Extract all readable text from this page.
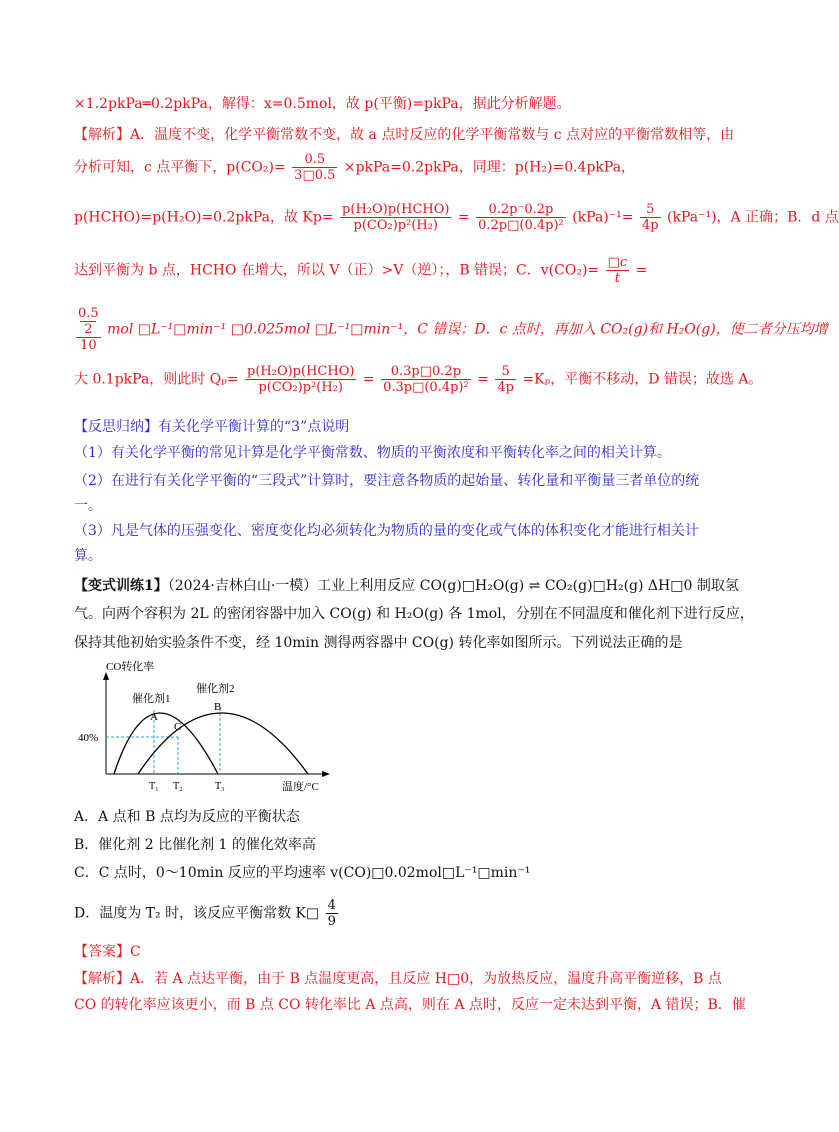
×1.2pkPa═0.2pkPa，解得：x=0.5mol，故 p(平衡)=pkPa，据此分析解题。
【解析】A．温度不变，化学平衡常数不变，故 a 点时反应的化学平衡常数与 c 点对应的平衡常数相等，由
分析可知，c 点平衡下，$p(CO_2)= \frac{0.5}{3□0.5}$ ×pkPa=0.2pkPa，同理：p(H₂)=0.4pkPa，
p(HCHO)=p(H₂O)=0.2pkPa，故 $Kp= \frac{\text{p(H₂O)p(HCHO)}}{\text{p(CO₂)p²(H₂)}} = \frac{0.2p^-0.2p}{\text{0.2p□(0.4p)²}} (kPa)^{-1}= \frac{5}{4p} (kPa^{-1})$，A 正确；B．d 点
达到平衡为 b 点，HCHO 在增大，所以 V（正）>V（逆）；，B 错误；C．$v(CO_2)= \frac{□c}{t}$ =
0.5
2
10
mol □L⁻¹□min⁻¹ □0.025mol □L⁻¹□min⁻¹，C 错误；D．c 点时，再加入 CO₂(g)和 H₂O(g)，使二者分压均增
大 0.1pkPa，则此时 $Q_p= \frac{\text{p(H₂O)p(HCHO)}}{\text{p(CO₂)p²(H₂)}} = \frac{0.3p□0.2p}{\text{0.3p□(0.4p)²}} = \frac{5}{4p} =K_p$，平衡不移动，D 错误；故选 A。
【反思归纳】有关化学平衡计算的“3”点说明
（1）有关化学平衡的常见计算是化学平衡常数、物质的平衡浓度和平衡转化率之间的相关计算。
（2）在进行有关化学平衡的“三段式”计算时，要注意各物质的起始量、转化量和平衡量三者单位的统
一。
（3）凡是气体的压强变化、密度变化均必须转化为物质的量的变化或气体的体积变化才能进行相关计
算。
【变式训练1】（2024·吉林白山·一模）工业上利用反应 CO(g)□H₂O(g) ⇌ CO₂(g)□H₂(g) ΔH□0 制取氢
气。向两个容积为 2L 的密闭容器中加入 CO(g) 和 H₂O(g) 各 1mol，分别在不同温度和催化剂下进行反应，
保持其他初始实验条件不变，经 10min 测得两容器中 CO(g) 转化率如图所示。下列说法正确的是
CO转化率
温度/°C
40%
催化剂1
催化剂2
A
B
C
T₁ T₂	T₃
A．A 点和 B 点均为反应的平衡状态
B．催化剂 2 比催化剂 1 的催化效率高
C．C 点时，0～10min 反应的平均速率 v(CO)□0.02mol□L⁻¹□min⁻¹
D．温度为 T₂ 时，该反应平衡常数 K□ $\frac{4}{9}$
【答案】C
【解析】A．若 A 点达平衡，由于 B 点温度更高，且反应 H□0，为放热反应，温度升高平衡逆移，B 点
CO 的转化率应该更小，而 B 点 CO 转化率比 A 点高，则在 A 点时，反应一定未达到平衡，A 错误；B．催
